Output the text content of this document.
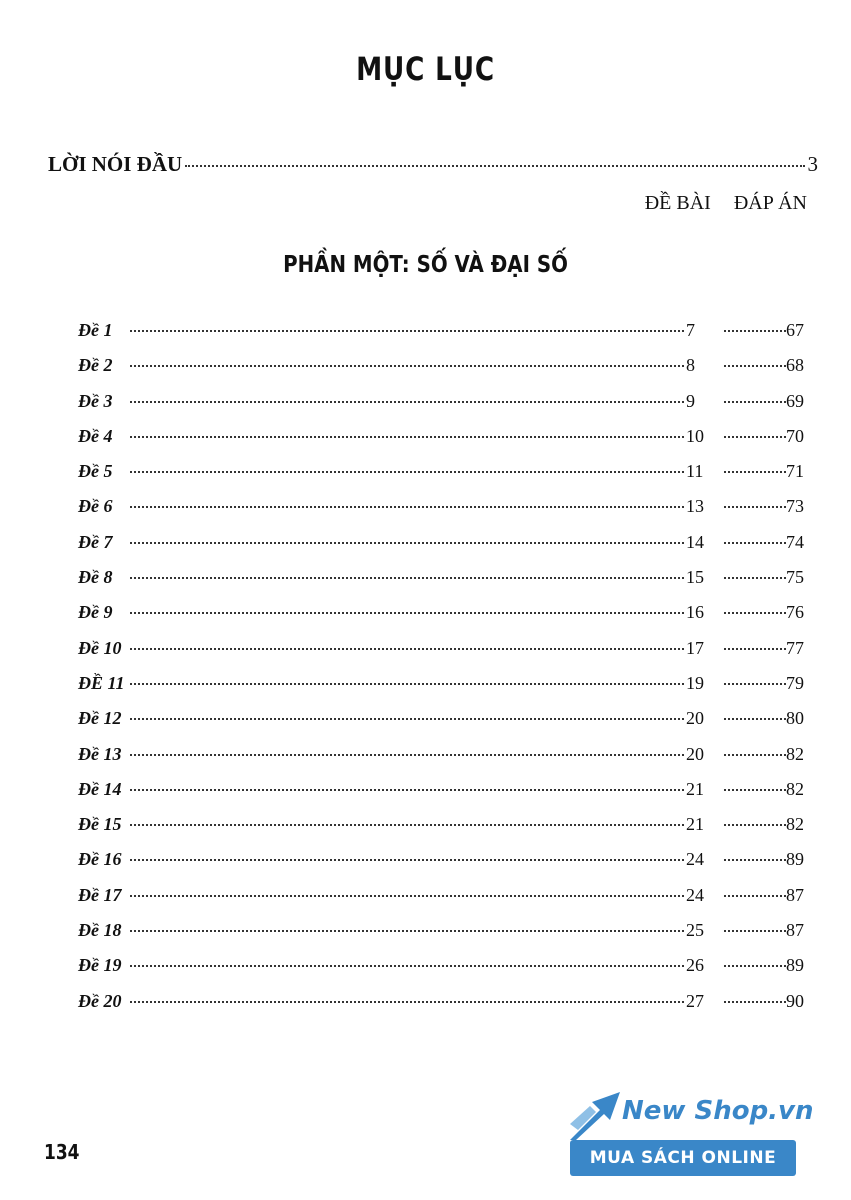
MỤC LỤC
LỜI NÓI ĐẦU	3
ĐỀ BÀI ĐÁP ÁN
PHẦN MỘT: SỐ VÀ ĐẠI SỐ
Đề 1	7	67
Đề 2	8	68
Đề 3	9	69
Đề 4	10	70
Đề 5	11	71
Đề 6	13	73
Đề 7	14	74
Đề 8	15	75
Đề 9	16	76
Đề 10	17	77
ĐỀ 11	19	79
Đề 12	20	80
Đề 13	20	82
Đề 14	21	82
Đề 15	21	82
Đề 16	24	89
Đề 17	24	87
Đề 18	25	87
Đề 19	26	89
Đề 20	27	90
134
New Shop.vn
MUA SÁCH ONLINE
